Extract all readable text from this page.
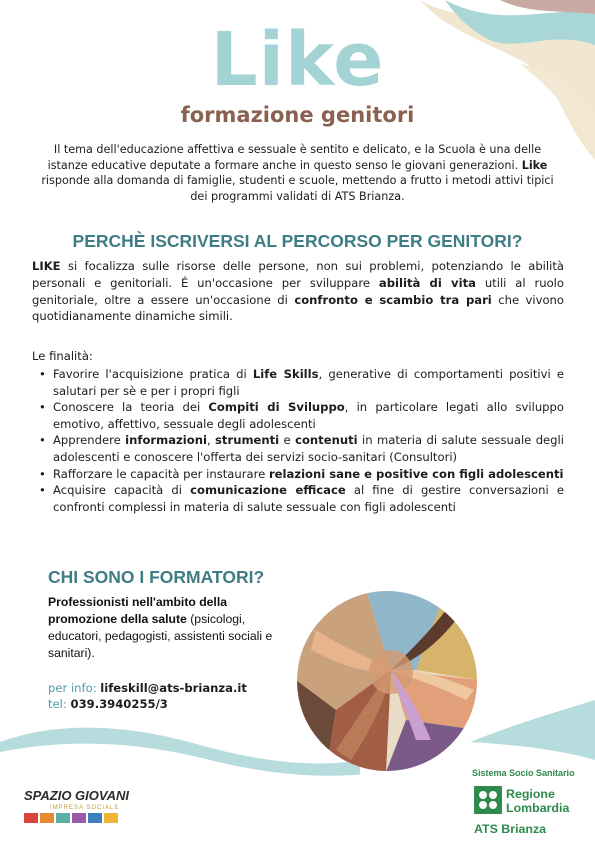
Like
formazione genitori
Il tema dell'educazione affettiva e sessuale è sentito e delicato, e la Scuola è una delle istanze educative deputate a formare anche in questo senso le giovani generazioni. Like risponde alla domanda di famiglie, studenti e scuole, mettendo a frutto i metodi attivi tipici dei programmi validati di ATS Brianza.
PERCHÈ ISCRIVERSI AL PERCORSO PER GENITORI?
LIKE si focalizza sulle risorse delle persone, non sui problemi, potenziando le abilità personali e genitoriali. É un'occasione per sviluppare abilità di vita utili al ruolo genitoriale, oltre a essere un'occasione di confronto e scambio tra pari che vivono quotidianamente dinamiche simili.
Le finalità:
• Favorire l'acquisizione pratica di Life Skills, generative di comportamenti positivi e salutari per sè e per i propri figli
• Conoscere la teoria dei Compiti di Sviluppo, in particolare legati allo sviluppo emotivo, affettivo, sessuale degli adolescenti
• Apprendere informazioni, strumenti e contenuti in materia di salute sessuale degli adolescenti e conoscere l'offerta dei servizi socio-sanitari (Consultori)
• Rafforzare le capacità per instaurare relazioni sane e positive con figli adolescenti
• Acquisire capacità di comunicazione efficace al fine di gestire conversazioni e confronti complessi in materia di salute sessuale con figli adolescenti
CHI SONO I FORMATORI?
Professionisti nell'ambito della promozione della salute (psicologi, educatori, pedagogisti, assistenti sociali e sanitari).
per info: lifeskill@ats-brianza.it
tel: 039.3940255/3
SPAZIO GIOVANI
IMPRESA SOCIALE
Sistema Socio Sanitario
Regione
Lombardia
ATS Brianza
